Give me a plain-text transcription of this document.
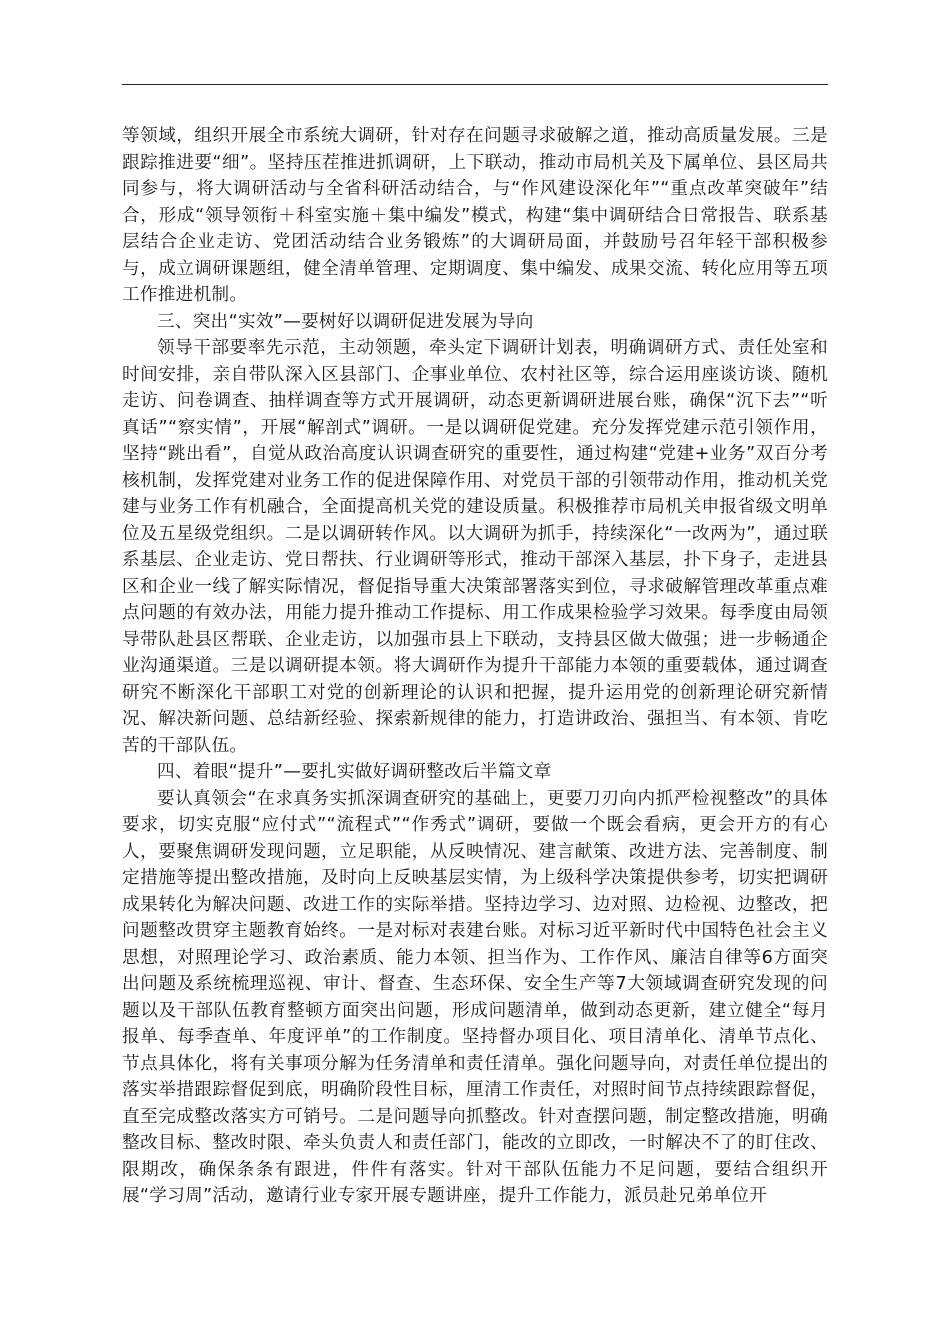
等领域，组织开展全市系统大调研，针对存在问题寻求破解之道，推动高质量发展。三是跟踪推进要“细”。坚持压茬推进抓调研，上下联动，推动市局机关及下属单位、县区局共同参与，将大调研活动与全省科研活动结合，与“作风建设深化年”“重点改革突破年”结合，形成“领导领衔＋科室实施＋集中编发”模式，构建“集中调研结合日常报告、联系基层结合企业走访、党团活动结合业务锻炼”的大调研局面，并鼓励号召年轻干部积极参与，成立调研课题组，健全清单管理、定期调度、集中编发、成果交流、转化应用等五项工作推进机制。

三、突出“实效”—要树好以调研促进发展为导向

领导干部要率先示范，主动领题，牵头定下调研计划表，明确调研方式、责任处室和时间安排，亲自带队深入区县部门、企事业单位、农村社区等，综合运用座谈访谈、随机走访、问卷调查、抽样调查等方式开展调研，动态更新调研进展台账，确保“沉下去”“听真话”“察实情”，开展“解剖式”调研。一是以调研促党建。充分发挥党建示范引领作用，坚持“跳出看”，自觉从政治高度认识调查研究的重要性，通过构建“党建+业务”双百分考核机制，发挥党建对业务工作的促进保障作用、对党员干部的引领带动作用，推动机关党建与业务工作有机融合，全面提高机关党的建设质量。积极推荐市局机关申报省级文明单位及五星级党组织。二是以调研转作风。以大调研为抓手，持续深化“一改两为”，通过联系基层、企业走访、党日帮扶、行业调研等形式，推动干部深入基层，扑下身子，走进县区和企业一线了解实际情况，督促指导重大决策部署落实到位，寻求破解管理改革重点难点问题的有效办法，用能力提升推动工作提标、用工作成果检验学习效果。每季度由局领导带队赴县区帮联、企业走访，以加强市县上下联动，支持县区做大做强；进一步畅通企业沟通渠道。三是以调研提本领。将大调研作为提升干部能力本领的重要载体，通过调查研究不断深化干部职工对党的创新理论的认识和把握，提升运用党的创新理论研究新情况、解决新问题、总结新经验、探索新规律的能力，打造讲政治、强担当、有本领、肯吃苦的干部队伍。

四、着眼“提升”—要扎实做好调研整改后半篇文章

要认真领会“在求真务实抓深调查研究的基础上，更要刀刃向内抓严检视整改”的具体要求，切实克服“应付式”“流程式”“作秀式”调研，要做一个既会看病，更会开方的有心人，要聚焦调研发现问题，立足职能，从反映情况、建言献策、改进方法、完善制度、制定措施等提出整改措施，及时向上反映基层实情，为上级科学决策提供参考，切实把调研成果转化为解决问题、改进工作的实际举措。坚持边学习、边对照、边检视、边整改，把问题整改贯穿主题教育始终。一是对标对表建台账。对标习近平新时代中国特色社会主义思想，对照理论学习、政治素质、能力本领、担当作为、工作作风、廉洁自律等6方面突出问题及系统梳理巡视、审计、督查、生态环保、安全生产等7大领域调查研究发现的问题以及干部队伍教育整顿方面突出问题，形成问题清单，做到动态更新，建立健全“每月报单、每季查单、年度评单”的工作制度。坚持督办项目化、项目清单化、清单节点化、节点具体化，将有关事项分解为任务清单和责任清单。强化问题导向，对责任单位提出的落实举措跟踪督促到底，明确阶段性目标，厘清工作责任，对照时间节点持续跟踪督促，直至完成整改落实方可销号。二是问题导向抓整改。针对查摆问题，制定整改措施，明确整改目标、整改时限、牵头负责人和责任部门，能改的立即改，一时解决不了的盯住改、限期改，确保条条有跟进，件件有落实。针对干部队伍能力不足问题，要结合组织开展“学习周”活动，邀请行业专家开展专题讲座，提升工作能力，派员赴兄弟单位开
